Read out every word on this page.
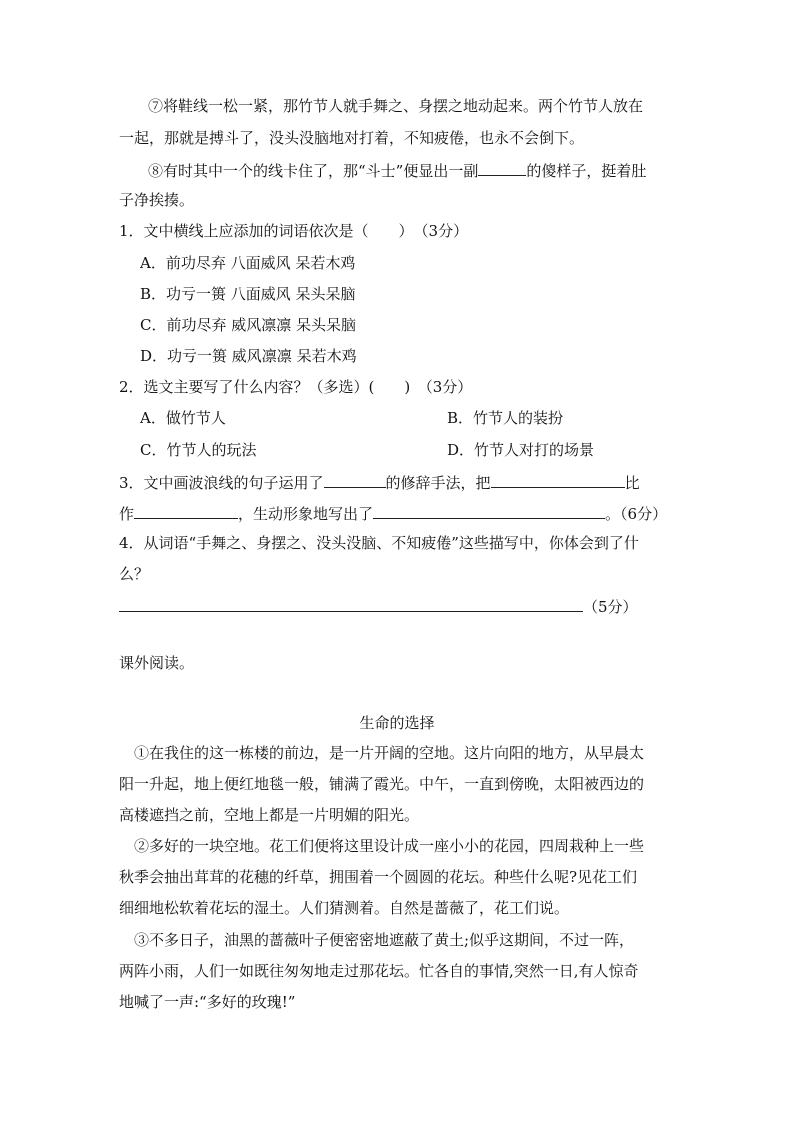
⑦将鞋线一松一紧，那竹节人就手舞之、身摆之地动起来。两个竹节人放在
一起，那就是搏斗了，没头没脑地对打着，不知疲倦，也永不会倒下。
⑧有时其中一个的线卡住了，那“斗士”便显出一副	的傻样子，挺着肚
子净挨揍。
1．文中横线上应添加的词语依次是（　　）　（3分）
A．前功尽弃 八面威风 呆若木鸡
B．功亏一篑 八面威风 呆头呆脑
C．前功尽弃 威风凛凛 呆头呆脑
D．功亏一篑 威风凛凛 呆若木鸡
2．选文主要写了什么内容？（多选）(　　)　（3分）
A．做竹节人	B．竹节人的装扮
C．竹节人的玩法	D．竹节人对打的场景
3．文中画波浪线的句子运用了	的修辞手法，把	比
作	，生动形象地写出了	。（6分）
4．从词语“手舞之、身摆之、没头没脑、不知疲倦”这些描写中，你体会到了什
么？
（5分）
课外阅读。
生命的选择
①在我住的这一栋楼的前边，是一片开阔的空地。这片向阳的地方，从早晨太
阳一升起，地上便红地毯一般，铺满了霞光。中午，一直到傍晚，太阳被西边的
高楼遮挡之前，空地上都是一片明媚的阳光。
②多好的一块空地。花工们便将这里设计成一座小小的花园，四周栽种上一些
秋季会抽出茸茸的花穗的纤草，拥围着一个圆圆的花坛。种些什么呢?见花工们
细细地松软着花坛的湿土。人们猜测着。自然是蔷薇了，花工们说。
③不多日子，油黑的蔷薇叶子便密密地遮蔽了黄土;似乎这期间，不过一阵，
两阵小雨，人们一如既往匆匆地走过那花坛。忙各自的事情,突然一日,有人惊奇
地喊了一声:“多好的玫瑰!”
